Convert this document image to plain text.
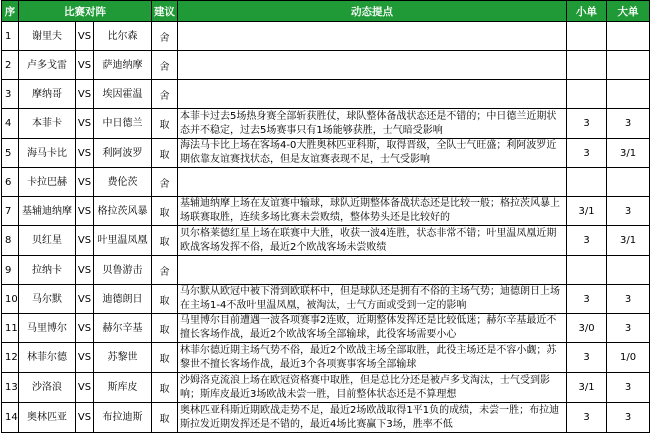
序	比赛对阵			建议	动态提点	小单	大单
1	谢里夫	VS	比尔森	舍			
2	卢多戈雷	VS	萨迪纳摩	舍			
3	摩纳哥	VS	埃因霍温	舍			
4	本菲卡	VS	中日德兰	取	本菲卡过去5场热身赛全部斩获胜仗，球队整体备战状态还是不错的；中日德兰近期状态并不稳定，过去5场赛事只有1场能够获胜，士气暗受影响	3	3
5	海马卡比	VS	利阿波罗	取	海法马卡比上场在客场4-0大胜奥林匹亚科斯，取得晋级，全队士气旺盛；利阿波罗近期依靠友谊赛找状态，但是友谊赛表现不足，士气受影响	3	3/1
6	卡拉巴赫	VS	费伦茨	舍			
7	基辅迪纳摩	VS	格拉茨风暴	取	基辅迪纳摩上场在友谊赛中输球，球队近期整体备战状态还是比较一般；格拉茨风暴上场联赛取胜，连续多场比赛未尝败绩，整体势头还是比较好的	3/1	3
8	贝红星	VS	叶里温凤凰	取	贝尔格莱德红星上场在联赛中大胜，收获一波4连胜，状态非常不错；叶里温凤凰近期欧战客场发挥不俗，最近2个欧战客场未尝败绩	3	3/1
9	拉纳卡	VS	贝鲁游击	舍			
10	马尔默	VS	迪德朗日	取	马尔默从欧冠中被下滑到欧联杯中，但是球队还是拥有不俗的主场气势；迪德朗日上场在主场1-4不敌叶里温凤凰，被淘汰，士气方面或受到一定的影响	3	3
11	马里博尔	VS	赫尔辛基	取	马里博尔目前遭遇一波各项赛事2连败，近期整体发挥还是比较低迷；赫尔辛基最近不擅长客场作战，最近2个欧战客场全部输球，此役客场需要小心	3/0	3
12	林菲尔德	VS	苏黎世	取	林菲尔德近期主场气势不俗，最近2个欧战主场全部取胜，此役主场还是不容小觑；苏黎世不擅长客场作战，最近3个各项赛事客场全部输球	3	1/0
13	沙洛浪	VS	斯库皮	取	沙姆洛克流浪上场在欧冠资格赛中取胜，但是总比分还是被卢多戈淘汰，士气受到影响；斯库皮最近3场欧战未尝一胜，目前整体状态还是不算理想	3/1	3
14	奥林匹亚	VS	布拉迪斯	取	奥林匹亚科斯近期欧战走势不足，最近2场欧战取得1平1负的成绩，未尝一胜；布拉迪斯拉发近期发挥还是不错的，最近4场比赛赢下3场，胜率不低	3	3
